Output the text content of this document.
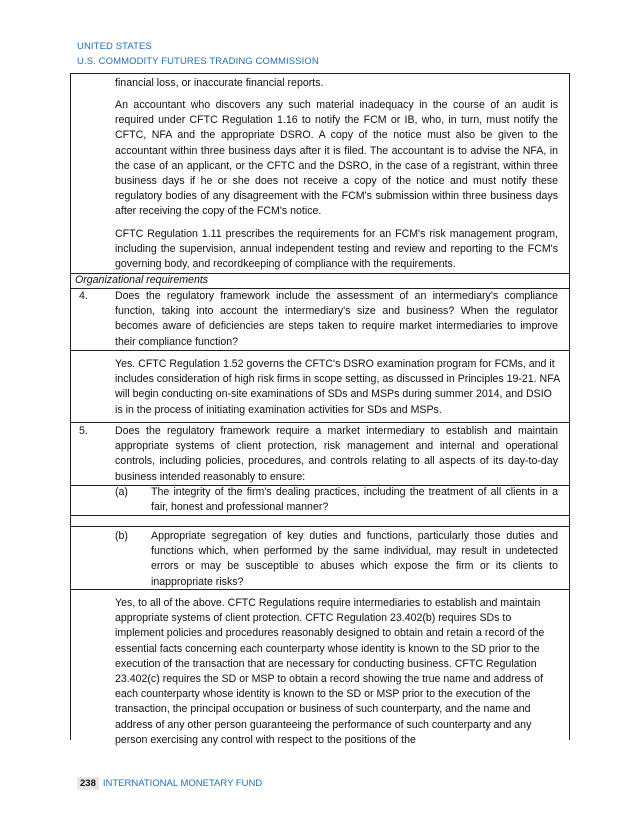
UNITED STATES
U.S. COMMODITY FUTURES TRADING COMMISSION
financial loss, or inaccurate financial reports.
An accountant who discovers any such material inadequacy in the course of an audit is required under CFTC Regulation 1.16 to notify the FCM or IB, who, in turn, must notify the CFTC, NFA and the appropriate DSRO. A copy of the notice must also be given to the accountant within three business days after it is filed. The accountant is to advise the NFA, in the case of an applicant, or the CFTC and the DSRO, in the case of a registrant, within three business days if he or she does not receive a copy of the notice and must notify these regulatory bodies of any disagreement with the FCM's submission within three business days after receiving the copy of the FCM's notice.
CFTC Regulation 1.11 prescribes the requirements for an FCM's risk management program, including the supervision, annual independent testing and review and reporting to the FCM's governing body, and recordkeeping of compliance with the requirements.
Organizational requirements
4.	Does the regulatory framework include the assessment of an intermediary's compliance function, taking into account the intermediary's size and business? When the regulator becomes aware of deficiencies are steps taken to require market intermediaries to improve their compliance function?
Yes. CFTC Regulation 1.52 governs the CFTC's DSRO examination program for FCMs, and it includes consideration of high risk firms in scope setting, as discussed in Principles 19-21. NFA will begin conducting on-site examinations of SDs and MSPs during summer 2014, and DSIO is in the process of initiating examination activities for SDs and MSPs.
5.	Does the regulatory framework require a market intermediary to establish and maintain appropriate systems of client protection, risk management and internal and operational controls, including policies, procedures, and controls relating to all aspects of its day-to-day business intended reasonably to ensure:
(a) The integrity of the firm's dealing practices, including the treatment of all clients in a fair, honest and professional manner?
(b) Appropriate segregation of key duties and functions, particularly those duties and functions which, when performed by the same individual, may result in undetected errors or may be susceptible to abuses which expose the firm or its clients to inappropriate risks?
Yes, to all of the above. CFTC Regulations require intermediaries to establish and maintain appropriate systems of client protection. CFTC Regulation 23.402(b) requires SDs to implement policies and procedures reasonably designed to obtain and retain a record of the essential facts concerning each counterparty whose identity is known to the SD prior to the execution of the transaction that are necessary for conducting business. CFTC Regulation 23.402(c) requires the SD or MSP to obtain a record showing the true name and address of each counterparty whose identity is known to the SD or MSP prior to the execution of the transaction, the principal occupation or business of such counterparty, and the name and address of any other person guaranteeing the performance of such counterparty and any person exercising any control with respect to the positions of the
238 INTERNATIONAL MONETARY FUND
